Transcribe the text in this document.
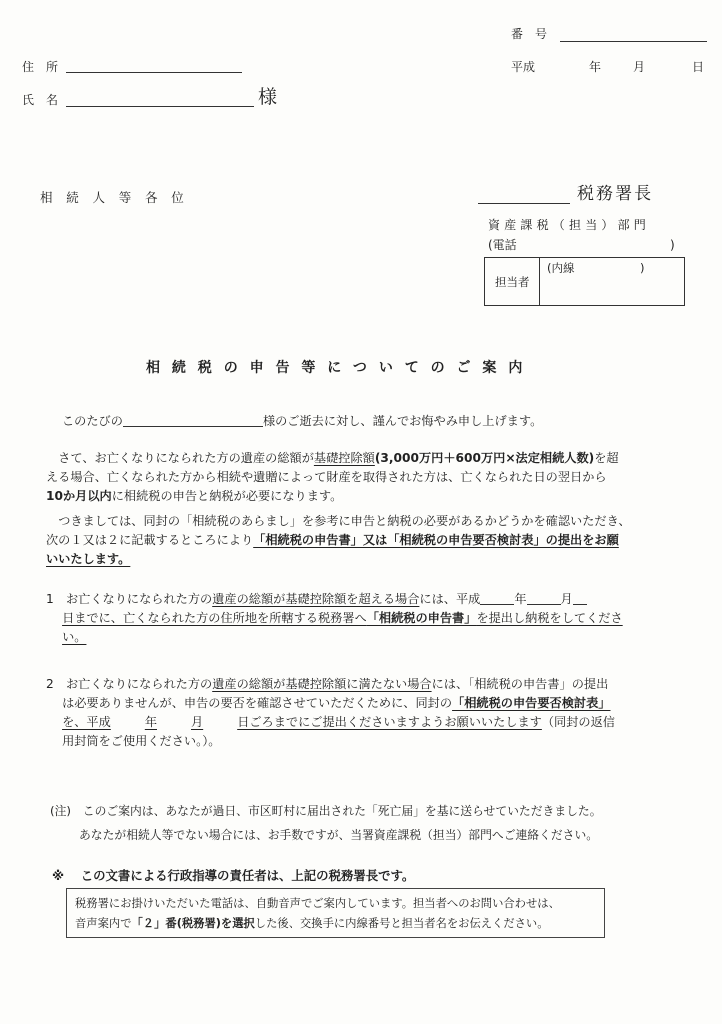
番　号
平成	年	月	日
住　所
氏　名	様
相続人等各位	税務署長
資産課税（担当）部門
(電話	)
担当者
(内線	)
相続税の申告等についてのご案内

このたびの	様のご逝去に対し、謹んでお悔やみ申し上げます。

　さて、お亡くなりになられた方の遺産の総額が基礎控除額(3,000万円＋600万円×法定相続人数)を超

える場合、亡くなられた方から相続や遺贈によって財産を取得された方は、亡くなられた日の翌日から

10か月以内に相続税の申告と納税が必要になります。

　つきましては、同封の「相続税のあらまし」を参考に申告と納税の必要があるかどうかを確認いただき、

次の１又は２に記載するところにより「相続税の申告書」又は「相続税の申告要否検討表」の提出をお願

いいたします。

1　 お亡くなりになられた方の遺産の総額が基礎控除額を超える場合には、平成	年	月

　 日までに、亡くなられた方の住所地を所轄する税務署へ「相続税の申告書」を提出し納税をしてくださ

　 い。

2　 お亡くなりになられた方の遺産の総額が基礎控除額に満たない場合には、「相続税の申告書」の提出

　 は必要ありませんが、申告の要否を確認させていただくために、同封の「相続税の申告要否検討表」

　 を、平成	年	月	日ごろまでにご提出くださいますようお願いいたします（同封の返信

　 用封筒をご使用ください。）。

(注)　このご案内は、あなたが過日、市区町村に届出された「死亡届」を基に送らせていただきました。

あなたが相続人等でない場合には、お手数ですが、当署資産課税（担当）部門へご連絡ください。

※　 この文書による行政指導の責任者は、上記の税務署長です。

税務署にお掛けいただいた電話は、自動音声でご案内しています。担当者へのお問い合わせは、

音声案内で「２」番(税務署)を選択した後、交換手に内線番号と担当者名をお伝えください。
